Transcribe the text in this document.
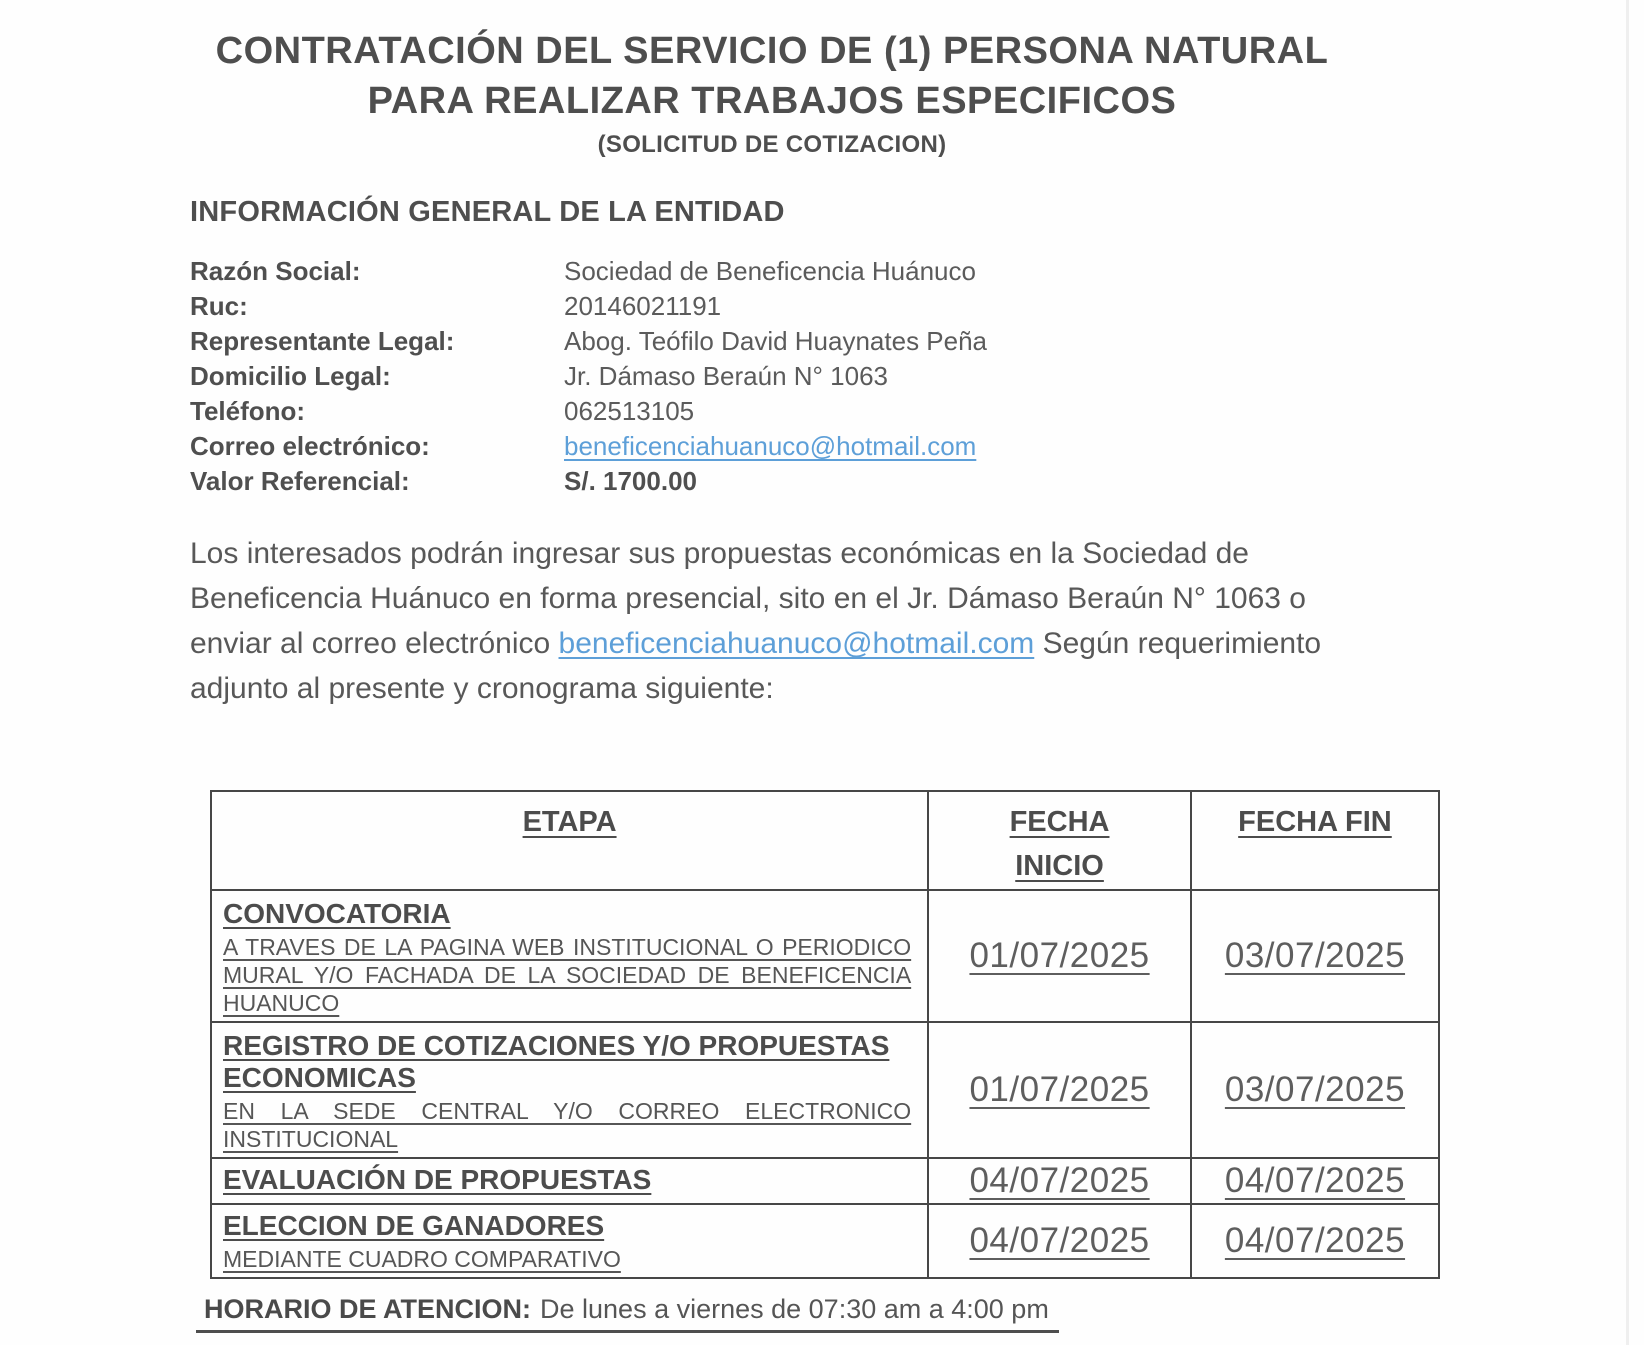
CONTRATACIÓN DEL SERVICIO DE (1) PERSONA NATURAL
PARA REALIZAR TRABAJOS ESPECIFICOS
(SOLICITUD DE COTIZACION)
INFORMACIÓN GENERAL DE LA ENTIDAD
Razón Social:	Sociedad de Beneficencia Huánuco
Ruc:	20146021191
Representante Legal:	Abog. Teófilo David Huaynates Peña
Domicilio Legal:	Jr. Dámaso Beraún N° 1063
Teléfono:	062513105
Correo electrónico:	beneficenciahuanuco@hotmail.com
Valor Referencial:	S/. 1700.00
Los interesados podrán ingresar sus propuestas económicas en la Sociedad de Beneficencia Huánuco en forma presencial, sito en el Jr. Dámaso Beraún N° 1063 o enviar al correo electrónico beneficenciahuanuco@hotmail.com Según requerimiento adjunto al presente y cronograma siguiente:
ETAPA	FECHA INICIO	FECHA FIN

CONVOCATORIA
A TRAVES DE LA PAGINA WEB INSTITUCIONAL O PERIODICO MURAL Y/O FACHADA DE LA SOCIEDAD DE BENEFICENCIA HUANUCO	01/07/2025	03/07/2025

REGISTRO DE COTIZACIONES Y/O PROPUESTAS ECONOMICAS
EN LA SEDE CENTRAL Y/O CORREO ELECTRONICO INSTITUCIONAL	01/07/2025	03/07/2025

EVALUACIÓN DE PROPUESTAS	04/07/2025	04/07/2025

ELECCION DE GANADORES
MEDIANTE CUADRO COMPARATIVO	04/07/2025	04/07/2025
HORARIO DE ATENCION: De lunes a viernes de 07:30 am a 4:00 pm
